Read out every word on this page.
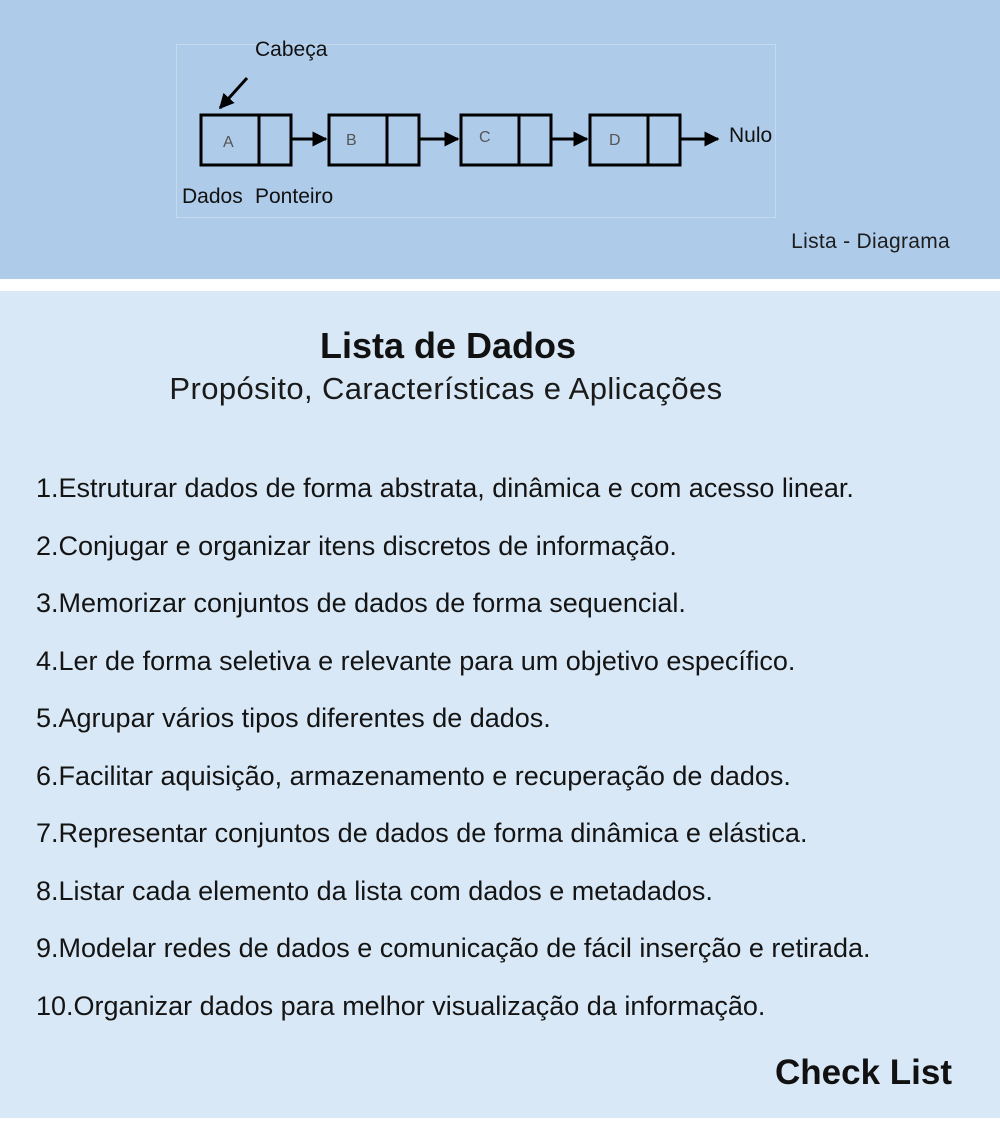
Cabeça
A	B	C	D	Nulo
Dados Ponteiro
Lista - Diagrama
Lista de Dados
Propósito, Características e Aplicações
1.Estruturar dados de forma abstrata, dinâmica e com acesso linear.
2.Conjugar e organizar itens discretos de informação.
3.Memorizar conjuntos de dados de forma sequencial.
4.Ler de forma seletiva e relevante para um objetivo específico.
5.Agrupar vários tipos diferentes de dados.
6.Facilitar aquisição, armazenamento e recuperação de dados.
7.Representar conjuntos de dados de forma dinâmica e elástica.
8.Listar cada elemento da lista com dados e metadados.
9.Modelar redes de dados e comunicação de fácil inserção e retirada.
10.Organizar dados para melhor visualização da informação.
Check List
